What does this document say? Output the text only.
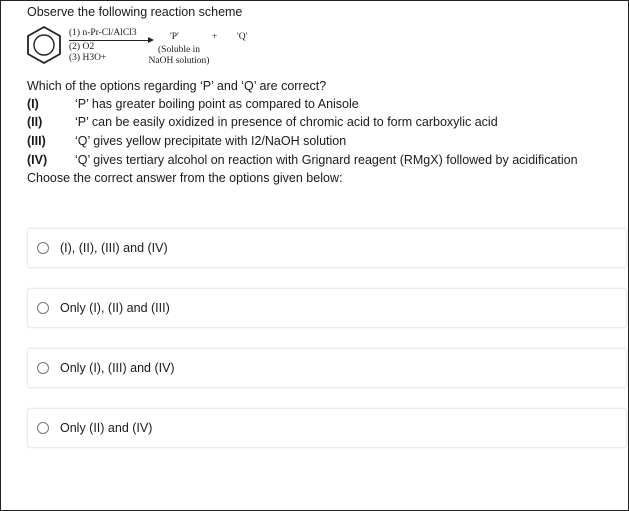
Observe the following reaction scheme
(1) n-Pr-Cl/AlCl3
(2) O2
(3) H3O+
'P'	+ 'Q'
(Soluble in
NaOH solution)
Which of the options regarding ‘P’ and ‘Q’ are correct?
(I)	‘P’ has greater boiling point as compared to Anisole
(II)	‘P’ can be easily oxidized in presence of chromic acid to form carboxylic acid
(III) ‘Q’ gives yellow precipitate with I2/NaOH solution
(IV) ‘Q’ gives tertiary alcohol on reaction with Grignard reagent (RMgX) followed by acidification
Choose the correct answer from the options given below:
(I), (II), (III) and (IV)
Only (I), (II) and (III)
Only (I), (III) and (IV)
Only (II) and (IV)
